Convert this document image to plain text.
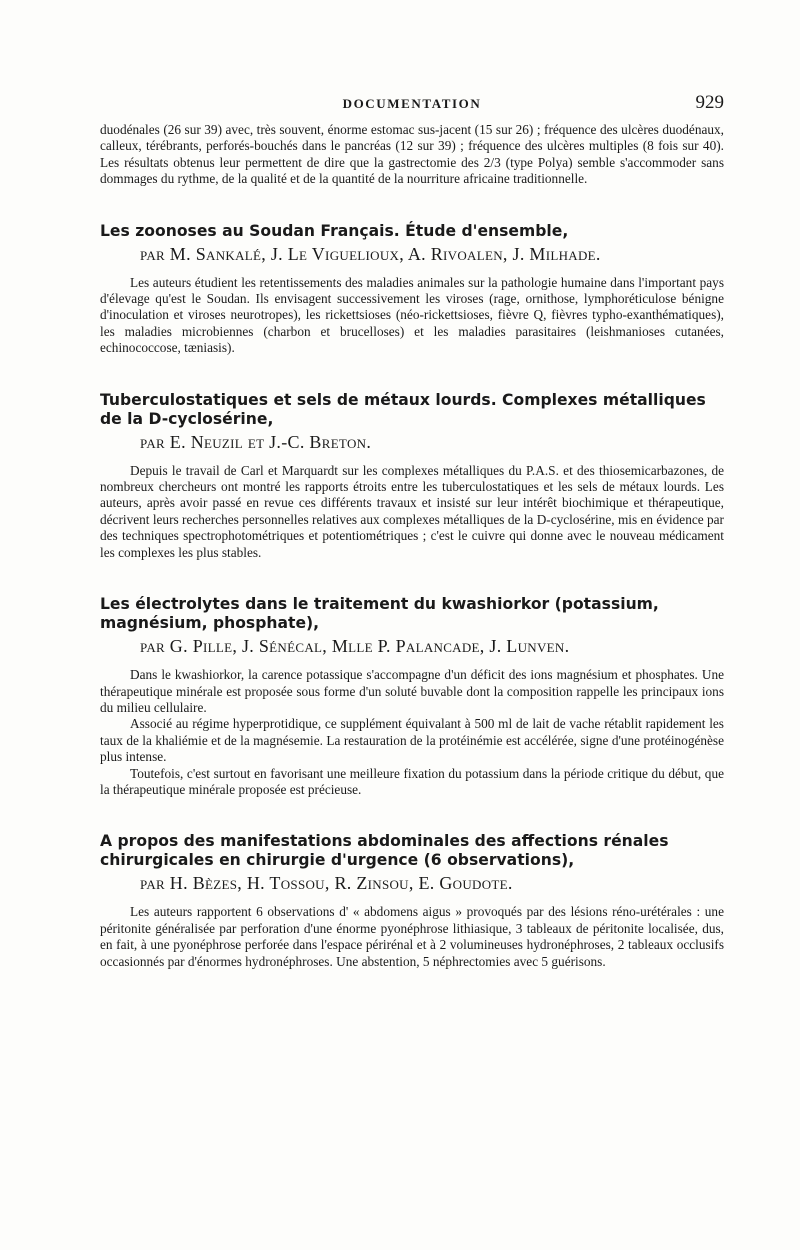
DOCUMENTATION	929

duodénales (26 sur 39) avec, très souvent, énorme estomac sus-jacent (15 sur 26) ; fréquence des ulcères duodénaux, calleux, térébrants, perforés-bouchés dans le pancréas (12 sur 39) ; fréquence des ulcères multiples (8 fois sur 40). Les résultats obtenus leur permettent de dire que la gastrectomie des 2/3 (type Polya) semble s'accommoder sans dommages du rythme, de la qualité et de la quantité de la nourriture africaine traditionnelle.

Les zoonoses au Soudan Français. Étude d'ensemble,
par M. Sankalé, J. Le Viguelioux, A. Rivoalen, J. Milhade.

Les auteurs étudient les retentissements des maladies animales sur la pathologie humaine dans l'important pays d'élevage qu'est le Soudan. Ils envisagent successivement les viroses (rage, ornithose, lymphoréticulose bénigne d'inoculation et viroses neurotropes), les rickettsioses (néo-rickettsioses, fièvre Q, fièvres typho-exanthématiques), les maladies microbiennes (charbon et brucelloses) et les maladies parasitaires (leishmanioses cutanées, echinococcose, tæniasis).

Tuberculostatiques et sels de métaux lourds. Complexes métalliques de la D-cyclosérine,
par E. Neuzil et J.-C. Breton.

Depuis le travail de Carl et Marquardt sur les complexes métalliques du P.A.S. et des thiosemicarbazones, de nombreux chercheurs ont montré les rapports étroits entre les tuberculostatiques et les sels de métaux lourds. Les auteurs, après avoir passé en revue ces différents travaux et insisté sur leur intérêt biochimique et thérapeutique, décrivent leurs recherches personnelles relatives aux complexes métalliques de la D-cyclosérine, mis en évidence par des techniques spectrophotométriques et potentiométriques ; c'est le cuivre qui donne avec le nouveau médicament les complexes les plus stables.

Les électrolytes dans le traitement du kwashiorkor (potassium, magnésium, phosphate),
par G. Pille, J. Sénécal, Mlle P. Palancade, J. Lunven.

Dans le kwashiorkor, la carence potassique s'accompagne d'un déficit des ions magnésium et phosphates. Une thérapeutique minérale est proposée sous forme d'un soluté buvable dont la composition rappelle les principaux ions du milieu cellulaire.

Associé au régime hyperprotidique, ce supplément équivalant à 500 ml de lait de vache rétablit rapidement les taux de la khaliémie et de la magnésemie. La restauration de la protéinémie est accélérée, signe d'une protéinogénèse plus intense.

Toutefois, c'est surtout en favorisant une meilleure fixation du potassium dans la période critique du début, que la thérapeutique minérale proposée est précieuse.

A propos des manifestations abdominales des affections rénales chirurgicales en chirurgie d'urgence (6 observations),
par H. Bèzes, H. Tossou, R. Zinsou, E. Goudote.

Les auteurs rapportent 6 observations d' « abdomens aigus » provoqués par des lésions réno-urétérales : une péritonite généralisée par perforation d'une énorme pyonéphrose lithiasique, 3 tableaux de péritonite localisée, dus, en fait, à une pyonéphrose perforée dans l'espace périrénal et à 2 volumineuses hydronéphroses, 2 tableaux occlusifs occasionnés par d'énormes hydronéphroses. Une abstention, 5 néphrectomies avec 5 guérisons.
